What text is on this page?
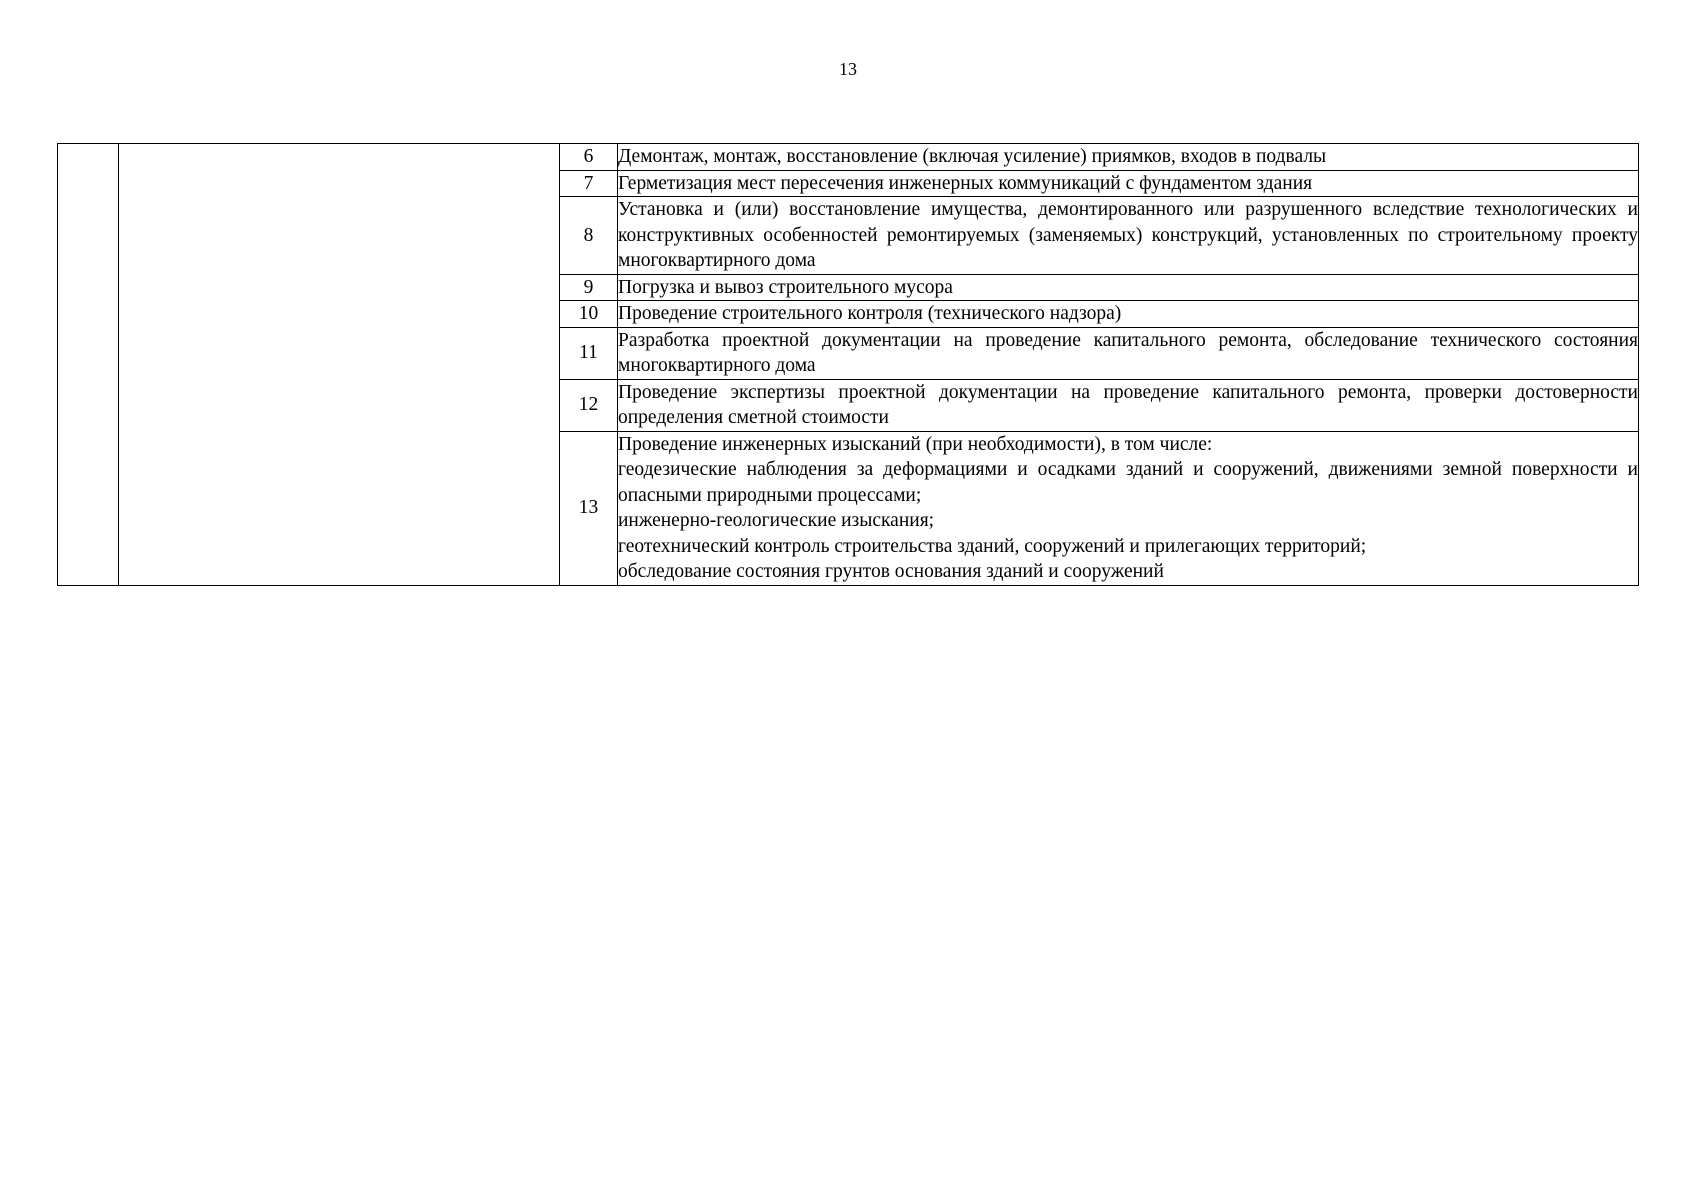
13
		6	Демонтаж, монтаж, восстановление (включая усиление) приямков, входов в подвалы

		7	Герметизация мест пересечения инженерных коммуникаций с фундаментом здания

		8	Установка и (или) восстановление имущества, демонтированного или разрушенного вследствие технологических и конструктивных особенностей ремонтируемых (заменяемых) конструкций, установленных по строительному проекту многоквартирного дома

		9	Погрузка и вывоз строительного мусора

		10	Проведение строительного контроля (технического надзора)

		11	Разработка проектной документации на проведение капитального ремонта, обследование технического состояния многоквартирного дома

		12	Проведение экспертизы проектной документации на проведение капитального ремонта, проверки достоверности определения сметной стоимости

		13	Проведение инженерных изысканий (при необходимости), в том числе:
геодезические наблюдения за деформациями и осадками зданий и сооружений, движениями земной поверхности и опасными природными процессами;
инженерно-геологические изыскания;
геотехнический контроль строительства зданий, сооружений и прилегающих территорий;
обследование состояния грунтов основания зданий и сооружений
